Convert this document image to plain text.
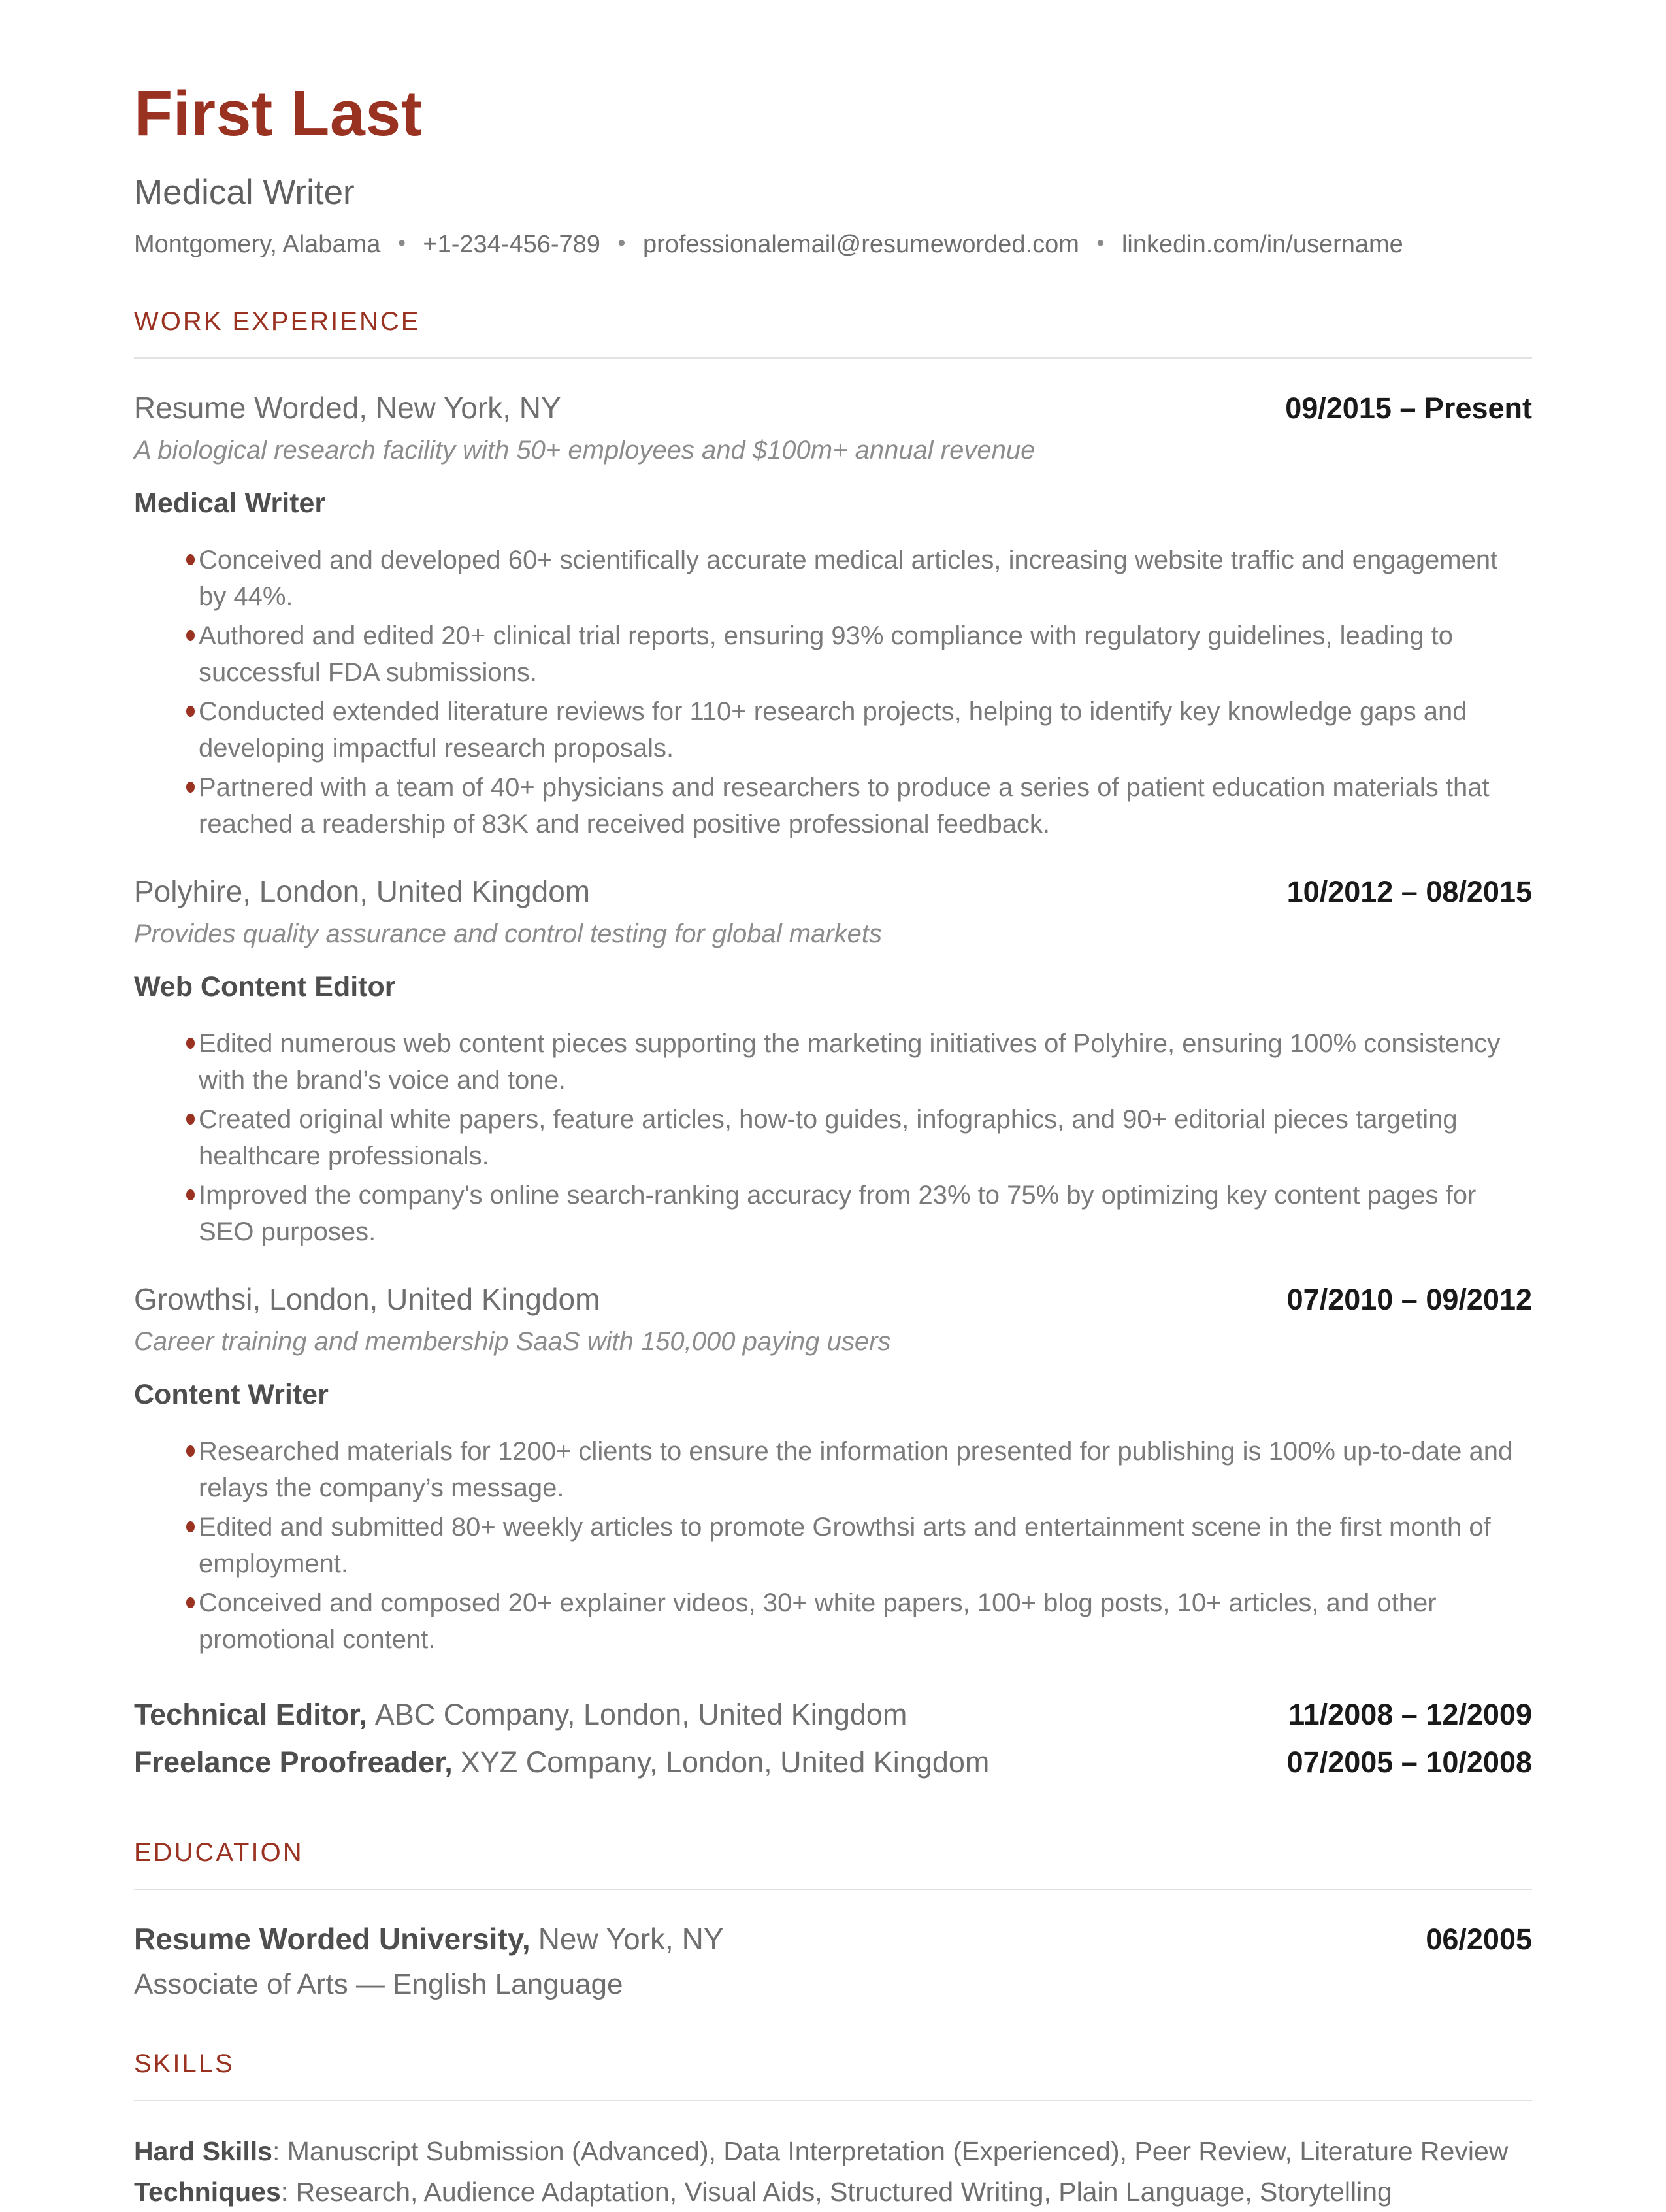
First Last
Medical Writer
Montgomery, Alabama • +1-234-456-789 • professionalemail@resumeworded.com • linkedin.com/in/username
WORK EXPERIENCE
Resume Worded, New York, NY	09/2015 – Present
A biological research facility with 50+ employees and $100m+ annual revenue
Medical Writer
Conceived and developed 60+ scientifically accurate medical articles, increasing website traffic and engagement by 44%.
Authored and edited 20+ clinical trial reports, ensuring 93% compliance with regulatory guidelines, leading to successful FDA submissions.
Conducted extended literature reviews for 110+ research projects, helping to identify key knowledge gaps and developing impactful research proposals.
Partnered with a team of 40+ physicians and researchers to produce a series of patient education materials that reached a readership of 83K and received positive professional feedback.
Polyhire, London, United Kingdom	10/2012 – 08/2015
Provides quality assurance and control testing for global markets
Web Content Editor
Edited numerous web content pieces supporting the marketing initiatives of Polyhire, ensuring 100% consistency with the brand’s voice and tone.
Created original white papers, feature articles, how-to guides, infographics, and 90+ editorial pieces targeting healthcare professionals.
Improved the company's online search-ranking accuracy from 23% to 75% by optimizing key content pages for SEO purposes.
Growthsi, London, United Kingdom	07/2010 – 09/2012
Career training and membership SaaS with 150,000 paying users
Content Writer
Researched materials for 1200+ clients to ensure the information presented for publishing is 100% up-to-date and relays the company’s message.
Edited and submitted 80+ weekly articles to promote Growthsi arts and entertainment scene in the first month of employment.
Conceived and composed 20+ explainer videos, 30+ white papers, 100+ blog posts, 10+ articles, and other promotional content.
Technical Editor, ABC Company, London, United Kingdom	11/2008 – 12/2009
Freelance Proofreader, XYZ Company, London, United Kingdom	07/2005 – 10/2008
EDUCATION
Resume Worded University, New York, NY	06/2005
Associate of Arts — English Language
SKILLS
Hard Skills: Manuscript Submission (Advanced), Data Interpretation (Experienced), Peer Review, Literature Review
Techniques: Research, Audience Adaptation, Visual Aids, Structured Writing, Plain Language, Storytelling
